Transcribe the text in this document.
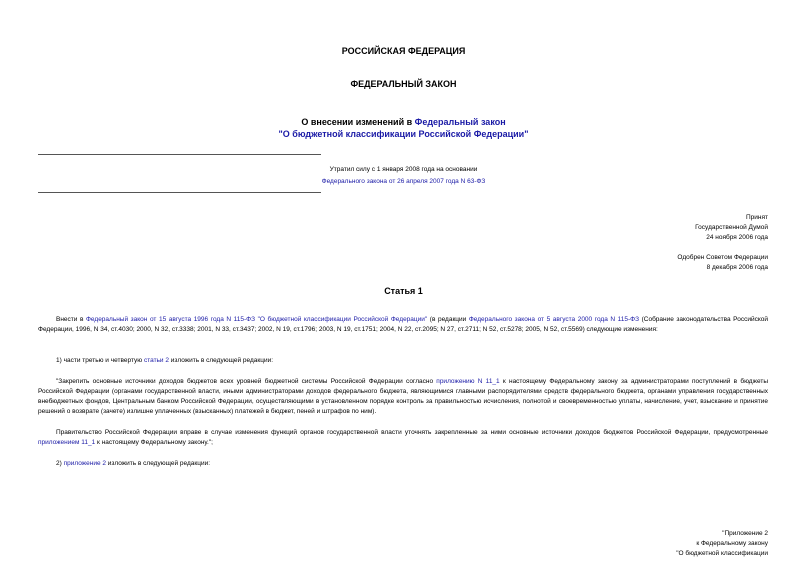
РОССИЙСКАЯ ФЕДЕРАЦИЯ
ФЕДЕРАЛЬНЫЙ ЗАКОН
О внесении изменений в Федеральный закон
"О бюджетной классификации Российской Федерации"
Утратил силу с 1 января 2008 года на основании
Федерального закона от 26 апреля 2007 года N 63-ФЗ
Принят
Государственной Думой
24 ноября 2006 года
Одобрен Советом Федерации
8 декабря 2006 года
Статья 1
Внести в Федеральный закон от 15 августа 1996 года N 115-ФЗ "О бюджетной классификации Российской Федерации" (в редакции Федерального закона от 5 августа 2000 года N 115-ФЗ (Собрание законодательства Российской Федерации, 1996, N 34, ст.4030; 2000, N 32, ст.3338; 2001, N 33, ст.3437; 2002, N 19, ст.1796; 2003, N 19, ст.1751; 2004, N 22, ст.2095; N 27, ст.2711; N 52, ст.5278; 2005, N 52, ст.5569) следующие изменения:
1) части третью и четвертую статьи 2 изложить в следующей редакции:
"Закрепить основные источники доходов бюджетов всех уровней бюджетной системы Российской Федерации согласно приложению N 11_1 к настоящему Федеральному закону за администраторами поступлений в бюджеты Российской Федерации (органами государственной власти, иными администраторами доходов федерального бюджета, являющимися главными распорядителями средств федерального бюджета, органами управления государственных внебюджетных фондов, Центральным банком Российской Федерации, осуществляющими в установленном порядке контроль за правильностью исчисления, полнотой и своевременностью уплаты, начисление, учет, взыскание и принятие решений о возврате (зачете) излишне уплаченных (взысканных) платежей в бюджет, пеней и штрафов по ним).
Правительство Российской Федерации вправе в случае изменения функций органов государственной власти уточнять закрепленные за ними основные источники доходов бюджетов Российской Федерации, предусмотренные приложением 11_1 к настоящему Федеральному закону.";
2) приложение 2 изложить в следующей редакции:
"Приложение 2
к Федеральному закону
"О бюджетной классификации
